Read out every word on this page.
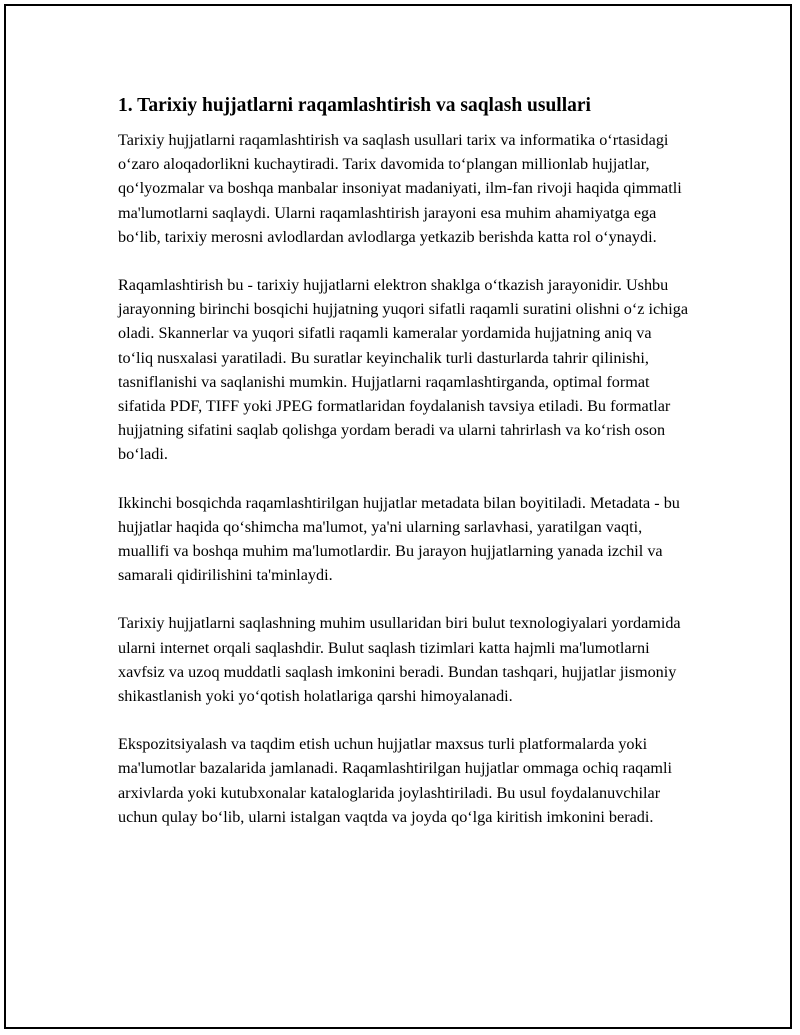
1. Tarixiy hujjatlarni raqamlashtirish va saqlash usullari

Tarixiy hujjatlarni raqamlashtirish va saqlash usullari tarix va informatika o‘rtasidagi o‘zaro aloqadorlikni kuchaytiradi. Tarix davomida to‘plangan millionlab hujjatlar, qo‘lyozmalar va boshqa manbalar insoniyat madaniyati, ilm-fan rivoji haqida qimmatli ma'lumotlarni saqlaydi. Ularni raqamlashtirish jarayoni esa muhim ahamiyatga ega bo‘lib, tarixiy merosni avlodlardan avlodlarga yetkazib berishda katta rol o‘ynaydi.

Raqamlashtirish bu - tarixiy hujjatlarni elektron shaklga o‘tkazish jarayonidir. Ushbu jarayonning birinchi bosqichi hujjatning yuqori sifatli raqamli suratini olishni o‘z ichiga oladi. Skannerlar va yuqori sifatli raqamli kameralar yordamida hujjatning aniq va to‘liq nusxalasi yaratiladi. Bu suratlar keyinchalik turli dasturlarda tahrir qilinishi, tasniflanishi va saqlanishi mumkin. Hujjatlarni raqamlashtirganda, optimal format sifatida PDF, TIFF yoki JPEG formatlaridan foydalanish tavsiya etiladi. Bu formatlar hujjatning sifatini saqlab qolishga yordam beradi va ularni tahrirlash va ko‘rish oson bo‘ladi.

Ikkinchi bosqichda raqamlashtirilgan hujjatlar metadata bilan boyitiladi. Metadata - bu hujjatlar haqida qo‘shimcha ma'lumot, ya'ni ularning sarlavhasi, yaratilgan vaqti, muallifi va boshqa muhim ma'lumotlardir. Bu jarayon hujjatlarning yanada izchil va samarali qidirilishini ta'minlaydi.

Tarixiy hujjatlarni saqlashning muhim usullaridan biri bulut texnologiyalari yordamida ularni internet orqali saqlashdir. Bulut saqlash tizimlari katta hajmli ma'lumotlarni xavfsiz va uzoq muddatli saqlash imkonini beradi. Bundan tashqari, hujjatlar jismoniy shikastlanish yoki yo‘qotish holatlariga qarshi himoyalanadi.

Ekspozitsiyalash va taqdim etish uchun hujjatlar maxsus turli platformalarda yoki ma'lumotlar bazalarida jamlanadi. Raqamlashtirilgan hujjatlar ommaga ochiq raqamli arxivlarda yoki kutubxonalar kataloglarida joylashtiriladi. Bu usul foydalanuvchilar uchun qulay bo‘lib, ularni istalgan vaqtda va joyda qo‘lga kiritish imkonini beradi.
